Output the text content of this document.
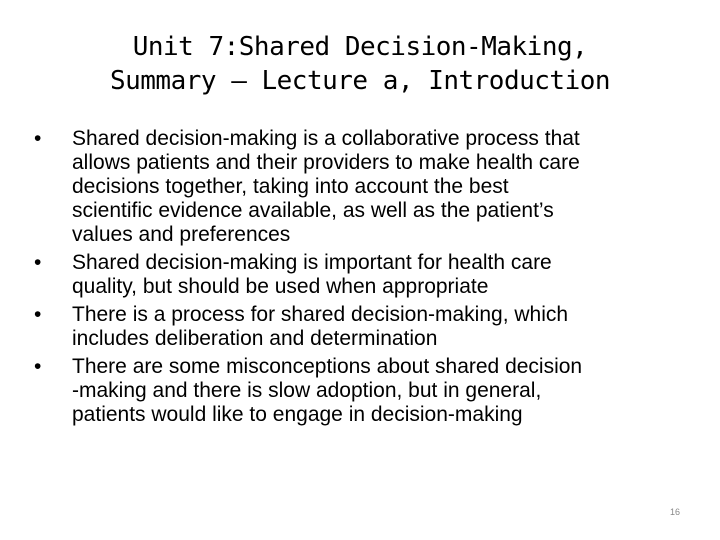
Unit 7:Shared Decision-Making,
Summary – Lecture a, Introduction
•	Shared decision-making is a collaborative process that
allows patients and their providers to make health care
decisions together, taking into account the best
scientific evidence available, as well as the patient’s
values and preferences
•	Shared decision-making is important for health care
quality, but should be used when appropriate
•	There is a process for shared decision-making, which
includes deliberation and determination
•	There are some misconceptions about shared decision
-making and there is slow adoption, but in general,
patients would like to engage in decision-making
16
